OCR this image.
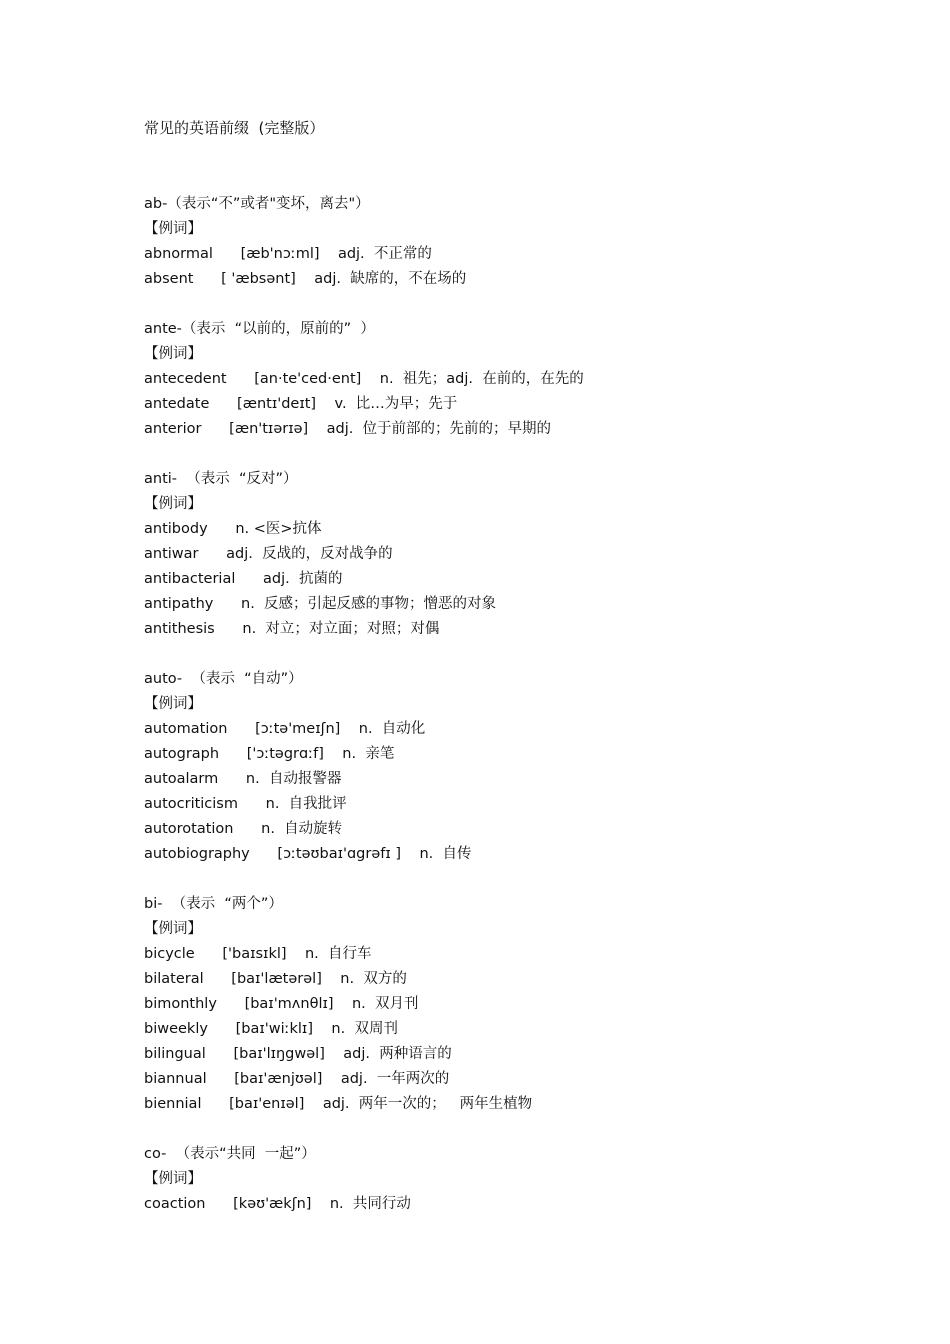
常见的英语前缀  (完整版）
ab-（表示“不”或者"变坏，离去"）
【例词】
abnormal [æb'nɔːml] adj.  不正常的
absent [ 'æbsənt] adj.  缺席的，不在场的
ante-（表示  “以前的，原前的”  ）
【例词】
antecedent [an·te'ced·ent] n.  祖先；adj.  在前的，在先的
antedate [æntɪ'deɪt] v.  比…为早；先于
anterior [æn'tɪərɪə] adj.  位于前部的；先前的；早期的
anti-  （表示  “反对”）
【例词】
antibody n. <医>抗体
antiwar adj.  反战的，反对战争的
antibacterial adj.  抗菌的
antipathy n.  反感；引起反感的事物；憎恶的对象
antithesis n.  对立；对立面；对照；对偶
auto-  （表示  “自动”）
【例词】
automation [ɔːtə'meɪʃn] n.  自动化
autograph ['ɔːtəgrɑːf] n.  亲笔
autoalarm n.  自动报警器
autocriticism n.  自我批评
autorotation n.  自动旋转
autobiography [ɔːtəʊbaɪ'ɑgrəfɪ ] n.  自传
bi-  （表示  “两个”）
【例词】
bicycle ['baɪsɪkl] n.  自行车
bilateral [baɪ'lætərəl] n.  双方的
bimonthly [baɪ'mʌnθlɪ] n.  双月刊
biweekly [baɪ'wiːklɪ] n.  双周刊
bilingual [baɪ'lɪŋgwəl] adj.  两种语言的
biannual [baɪ'ænjʊəl] adj.  一年两次的
biennial [baɪ'enɪəl] adj.  两年一次的；   两年生植物
co-  （表示“共同  一起”）
【例词】
coaction [kəʊ'ækʃn] n.  共同行动
